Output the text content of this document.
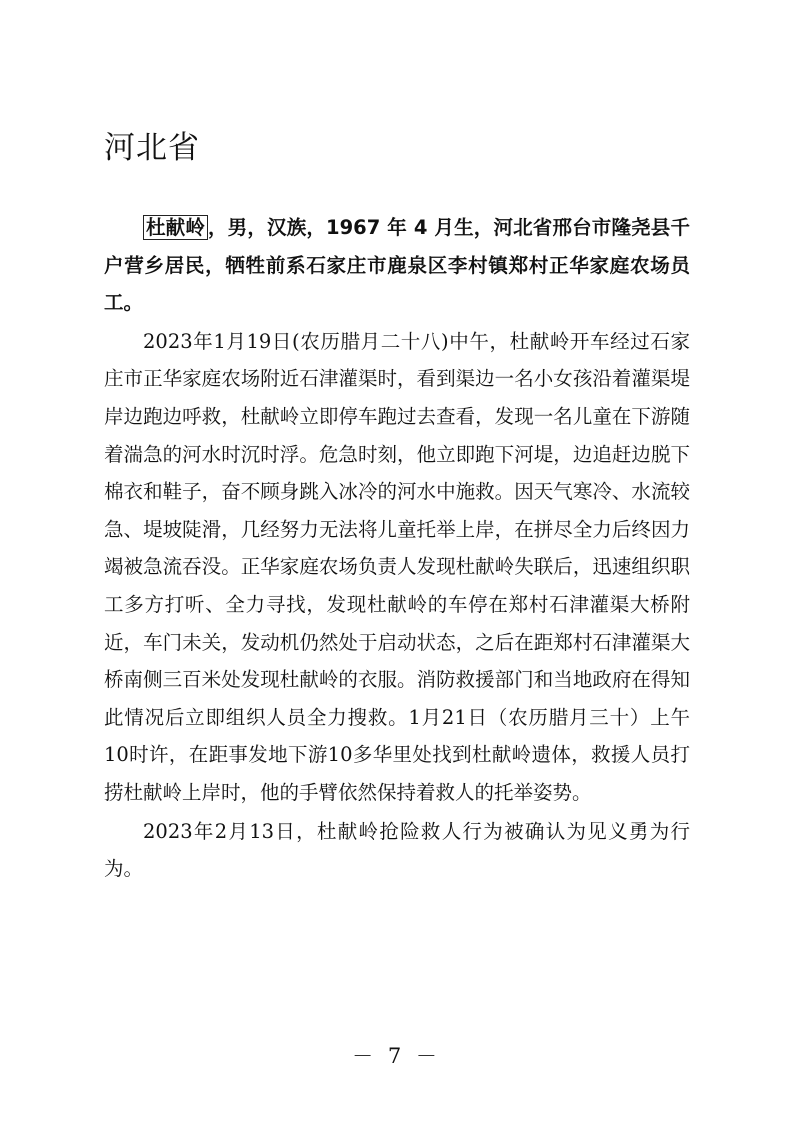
河北省

杜献岭 ，男，汉族，1967 年 4 月生，河北省邢台市隆尧县千户营乡居民，牺牲前系石家庄市鹿泉区李村镇郑村正华家庭农场员工。

2023年1月19日(农历腊月二十八)中午，杜献岭开车经过石家庄市正华家庭农场附近石津灌渠时，看到渠边一名小女孩沿着灌渠堤岸边跑边呼救，杜献岭立即停车跑过去查看，发现一名儿童在下游随着湍急的河水时沉时浮。危急时刻，他立即跑下河堤，边追赶边脱下棉衣和鞋子，奋不顾身跳入冰冷的河水中施救。因天气寒冷、水流较急、堤坡陡滑，几经努力无法将儿童托举上岸，在拼尽全力后终因力竭被急流吞没。正华家庭农场负责人发现杜献岭失联后，迅速组织职工多方打听、全力寻找，发现杜献岭的车停在郑村石津灌渠大桥附近，车门未关，发动机仍然处于启动状态，之后在距郑村石津灌渠大桥南侧三百米处发现杜献岭的衣服。消防救援部门和当地政府在得知此情况后立即组织人员全力搜救。1月21日（农历腊月三十）上午10时许，在距事发地下游10多华里处找到杜献岭遗体，救援人员打捞杜献岭上岸时，他的手臂依然保持着救人的托举姿势。

2023年2月13日，杜献岭抢险救人行为被确认为见义勇为行为。

－ 7 －
